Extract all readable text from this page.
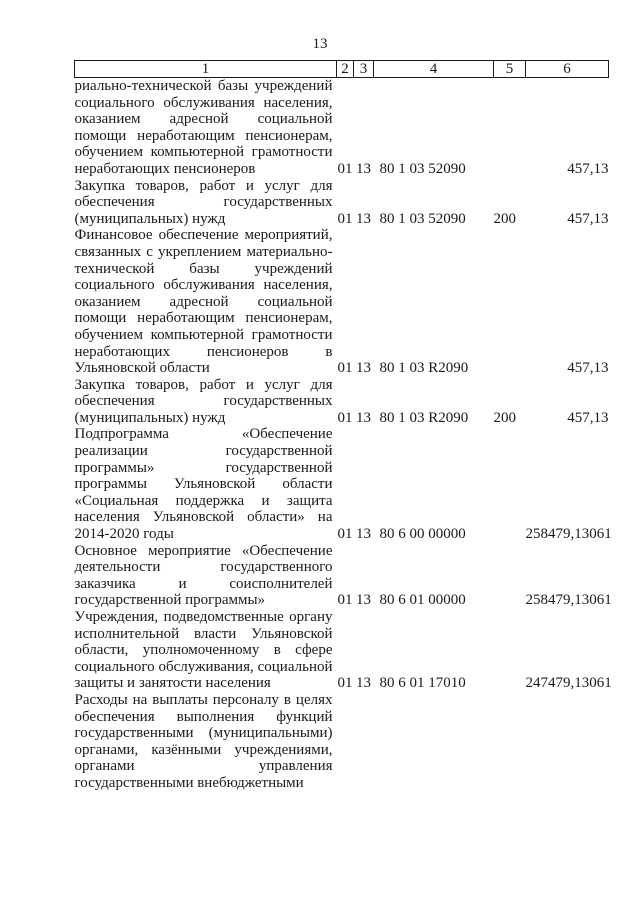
13
1	2	3	4	5	6
риально-технической базы учреждений социального обслуживания населения, оказанием адресной социальной помощи неработающим пенсионерам, обучением компьютерной грамотности неработающих пенсионеров	01	13	80 1 03 52090		457,13
Закупка товаров, работ и услуг для обеспечения государственных (муниципальных) нужд	01	13	80 1 03 52090	200	457,13
Финансовое обеспечение мероприятий, связанных с укреплением материально-технической базы учреждений социального обслуживания населения, оказанием адресной социальной помощи неработающим пенсионерам, обучением компьютерной грамотности неработающих пенсионеров в Ульяновской области	01	13	80 1 03 R2090		457,13
Закупка товаров, работ и услуг для обеспечения государственных (муниципальных) нужд	01	13	80 1 03 R2090	200	457,13
Подпрограмма «Обеспечение реализации государственной программы» государственной программы Ульяновской области «Социальная поддержка и защита населения Ульяновской области» на 2014-2020 годы	01	13	80 6 00 00000		258479,13061
Основное мероприятие «Обеспечение деятельности государственного заказчика и соисполнителей государственной программы»	01	13	80 6 01 00000		258479,13061
Учреждения, подведомственные органу исполнительной власти Ульяновской области, уполномоченному в сфере социального обслуживания, социальной защиты и занятости населения	01	13	80 6 01 17010		247479,13061
Расходы на выплаты персоналу в целях обеспечения выполнения функций государственными (муниципальными) органами, казёнными учреждениями, органами управления государственными внебюджетными					
